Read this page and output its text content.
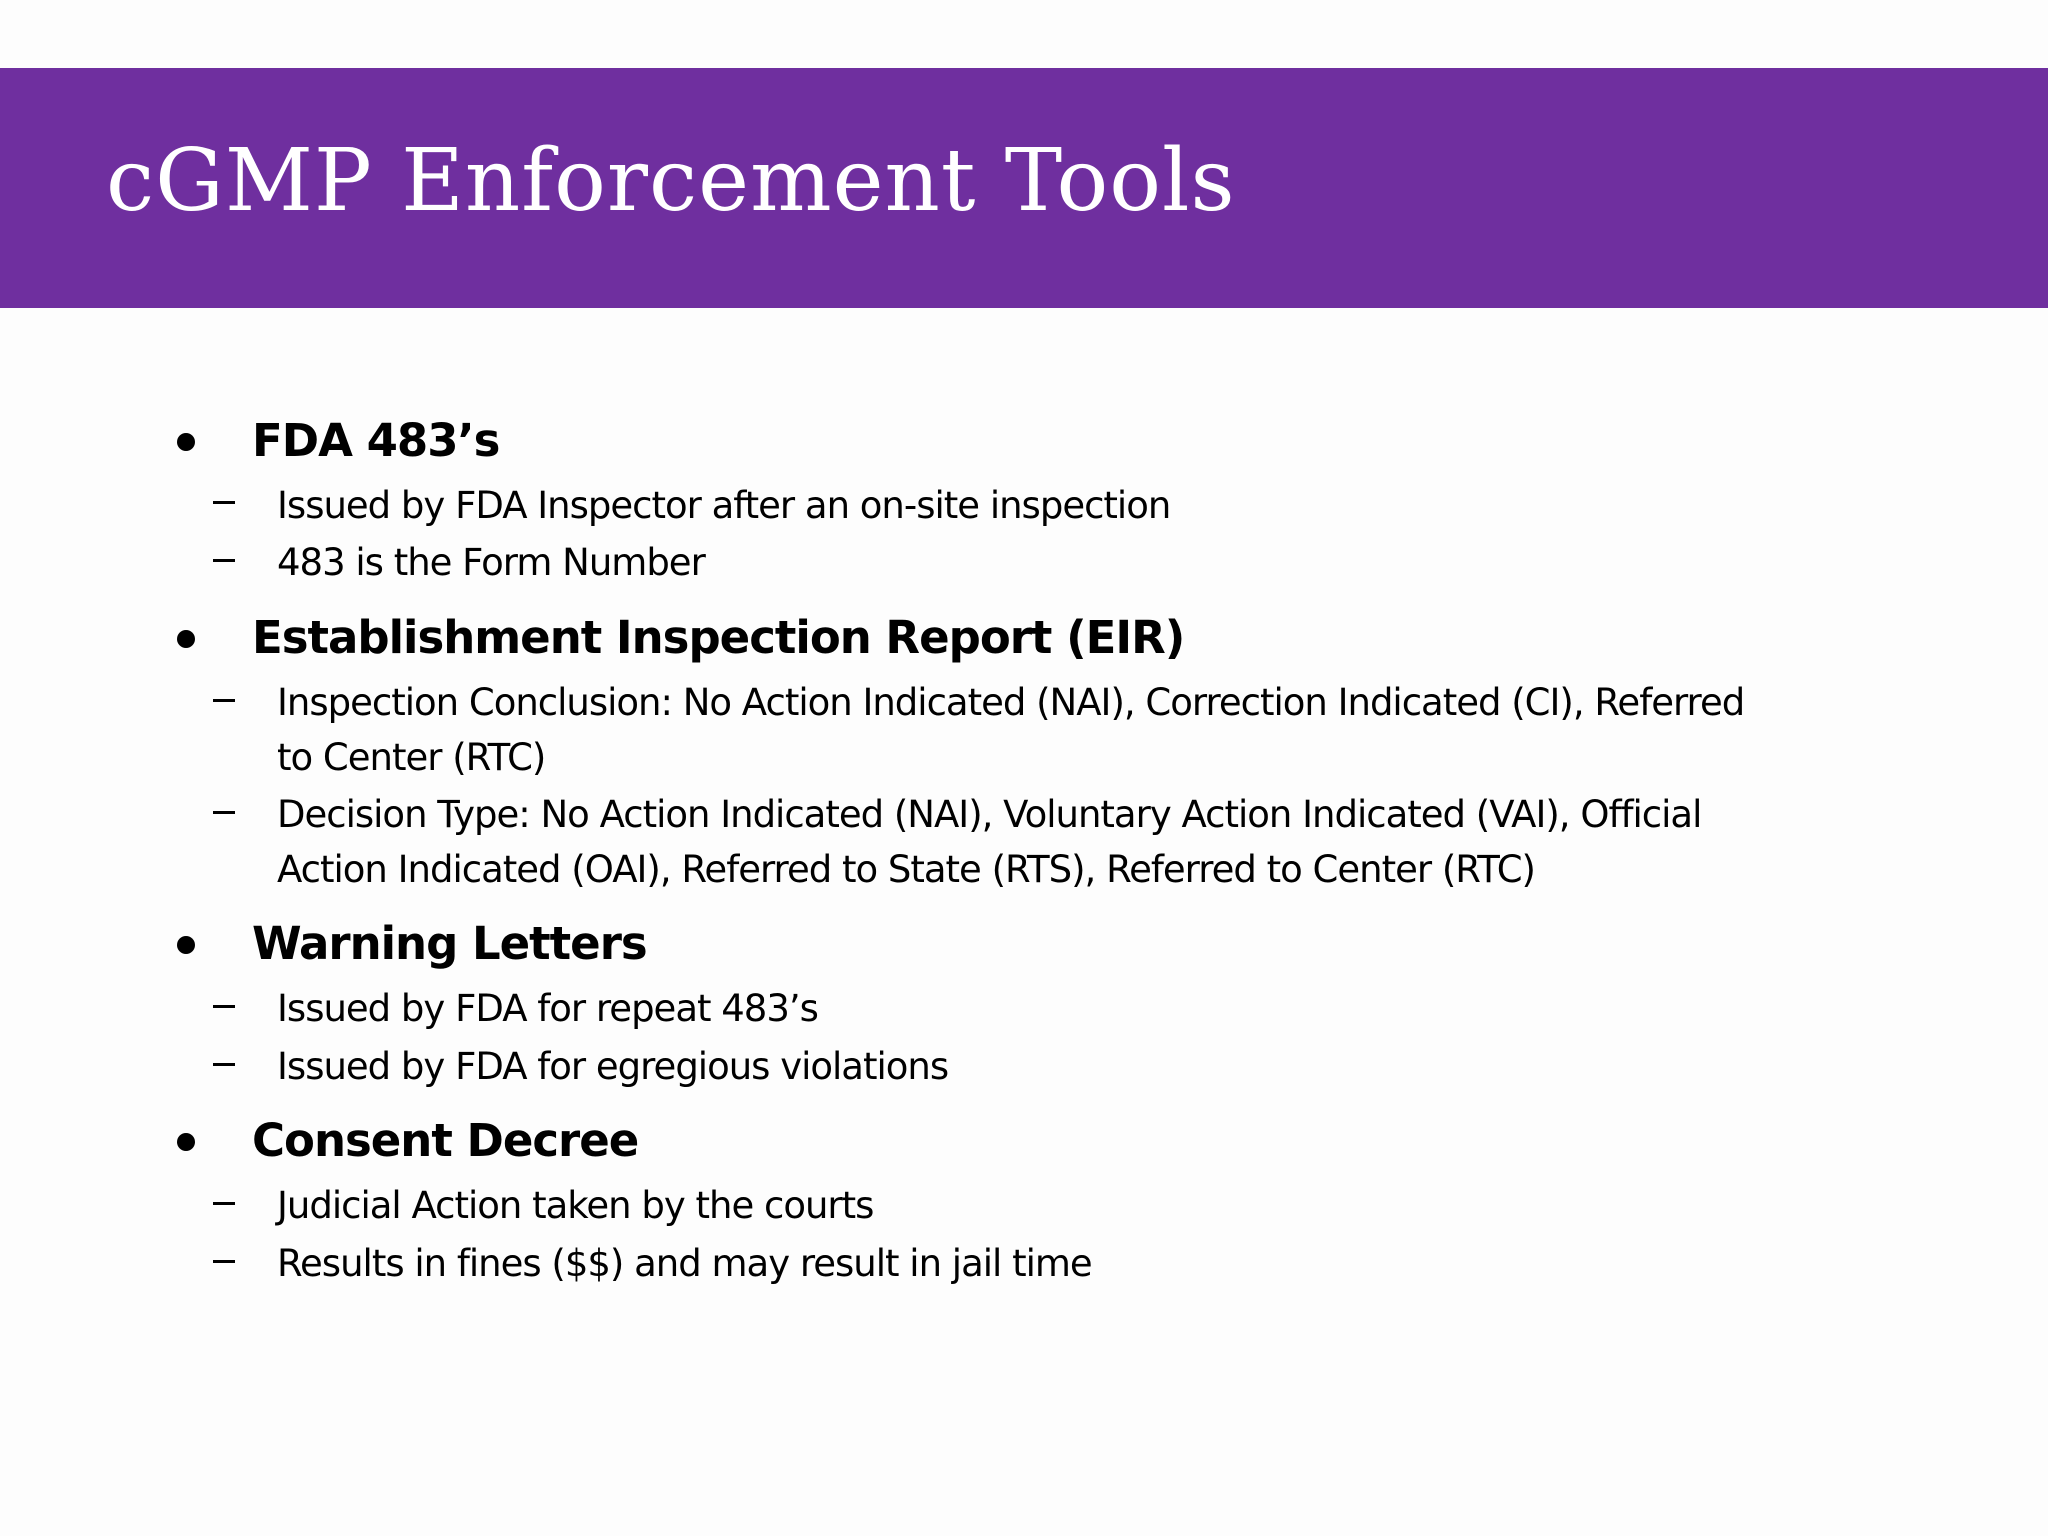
cGMP Enforcement Tools
FDA 483’s
Issued by FDA Inspector after an on-site inspection
483 is the Form Number
Establishment Inspection Report (EIR)
Inspection Conclusion: No Action Indicated (NAI), Correction Indicated (CI), Referred
to Center (RTC)
Decision Type: No Action Indicated (NAI), Voluntary Action Indicated (VAI), Official
Action Indicated (OAI), Referred to State (RTS), Referred to Center (RTC)
Warning Letters
Issued by FDA for repeat 483’s
Issued by FDA for egregious violations
Consent Decree
Judicial Action taken by the courts
Results in fines ($$) and may result in jail time
